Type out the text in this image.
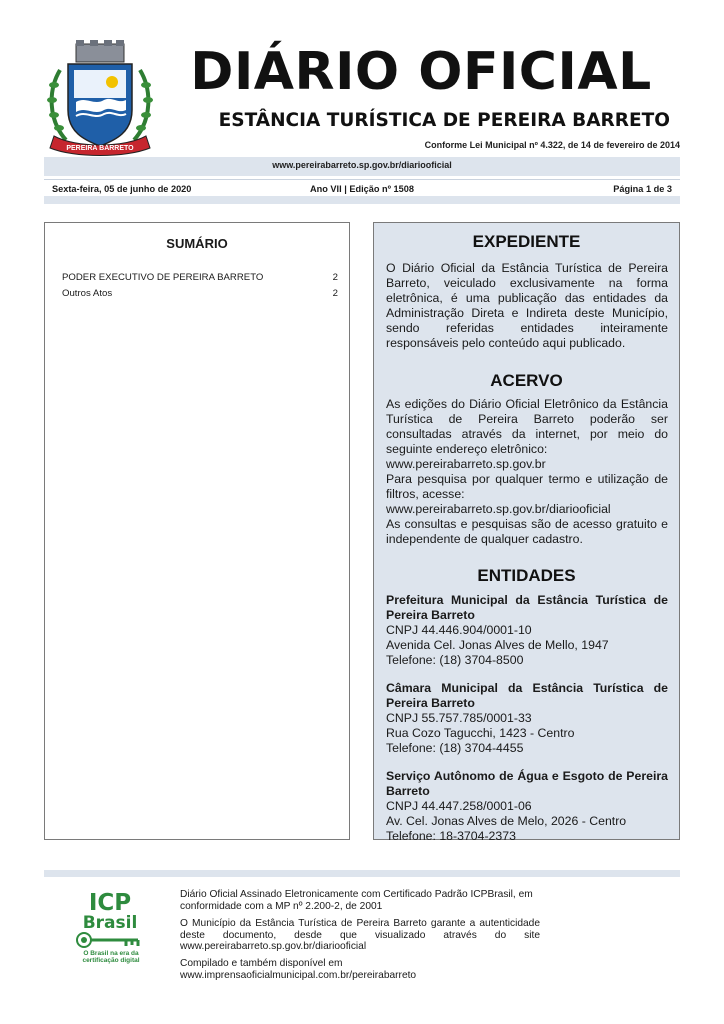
PEREIRA BARRETO
DIÁRIO OFICIAL
ESTÂNCIA TURÍSTICA DE PEREIRA BARRETO
Conforme Lei Municipal nº 4.322, de 14 de fevereiro de 2014
www.pereirabarreto.sp.gov.br/diariooficial
Sexta-feira, 05 de junho de 2020	Ano VII | Edição nº 1508	Página 1 de 3
SUMÁRIO
PODER EXECUTIVO DE PEREIRA BARRETO	2
Outros Atos	2
EXPEDIENTE
O Diário Oficial da Estância Turística de Pereira Barreto, veiculado exclusivamente na forma eletrônica, é uma publicação das entidades da Administração Direta e Indireta deste Município, sendo referidas entidades inteiramente responsáveis pelo conteúdo aqui publicado.
ACERVO
As edições do Diário Oficial Eletrônico da Estância Turística de Pereira Barreto poderão ser consultadas através da internet, por meio do seguinte endereço eletrônico:
www.pereirabarreto.sp.gov.br
Para pesquisa por qualquer termo e utilização de filtros, acesse:
www.pereirabarreto.sp.gov.br/diariooficial
As consultas e pesquisas são de acesso gratuito e independente de qualquer cadastro.
ENTIDADES
Prefeitura Municipal da Estância Turística de Pereira Barreto
CNPJ 44.446.904/0001-10
Avenida Cel. Jonas Alves de Mello, 1947
Telefone: (18) 3704-8500
Câmara Municipal da Estância Turística de Pereira Barreto
CNPJ 55.757.785/0001-33
Rua Cozo Tagucchi, 1423 - Centro
Telefone: (18) 3704-4455
Serviço Autônomo de Água e Esgoto de Pereira Barreto
CNPJ 44.447.258/0001-06
Av. Cel. Jonas Alves de Melo, 2026 - Centro
Telefone: 18-3704-2373
ICP
Brasil
O Brasil na era da certificação digital
Diário Oficial Assinado Eletronicamente com Certificado Padrão ICPBrasil, em conformidade com a MP nº 2.200-2, de 2001
O Município da Estância Turística de Pereira Barreto garante a autenticidade deste documento, desde que visualizado através do site www.pereirabarreto.sp.gov.br/diariooficial
Compilado e também disponível em www.imprensaoficialmunicipal.com.br/pereirabarreto
